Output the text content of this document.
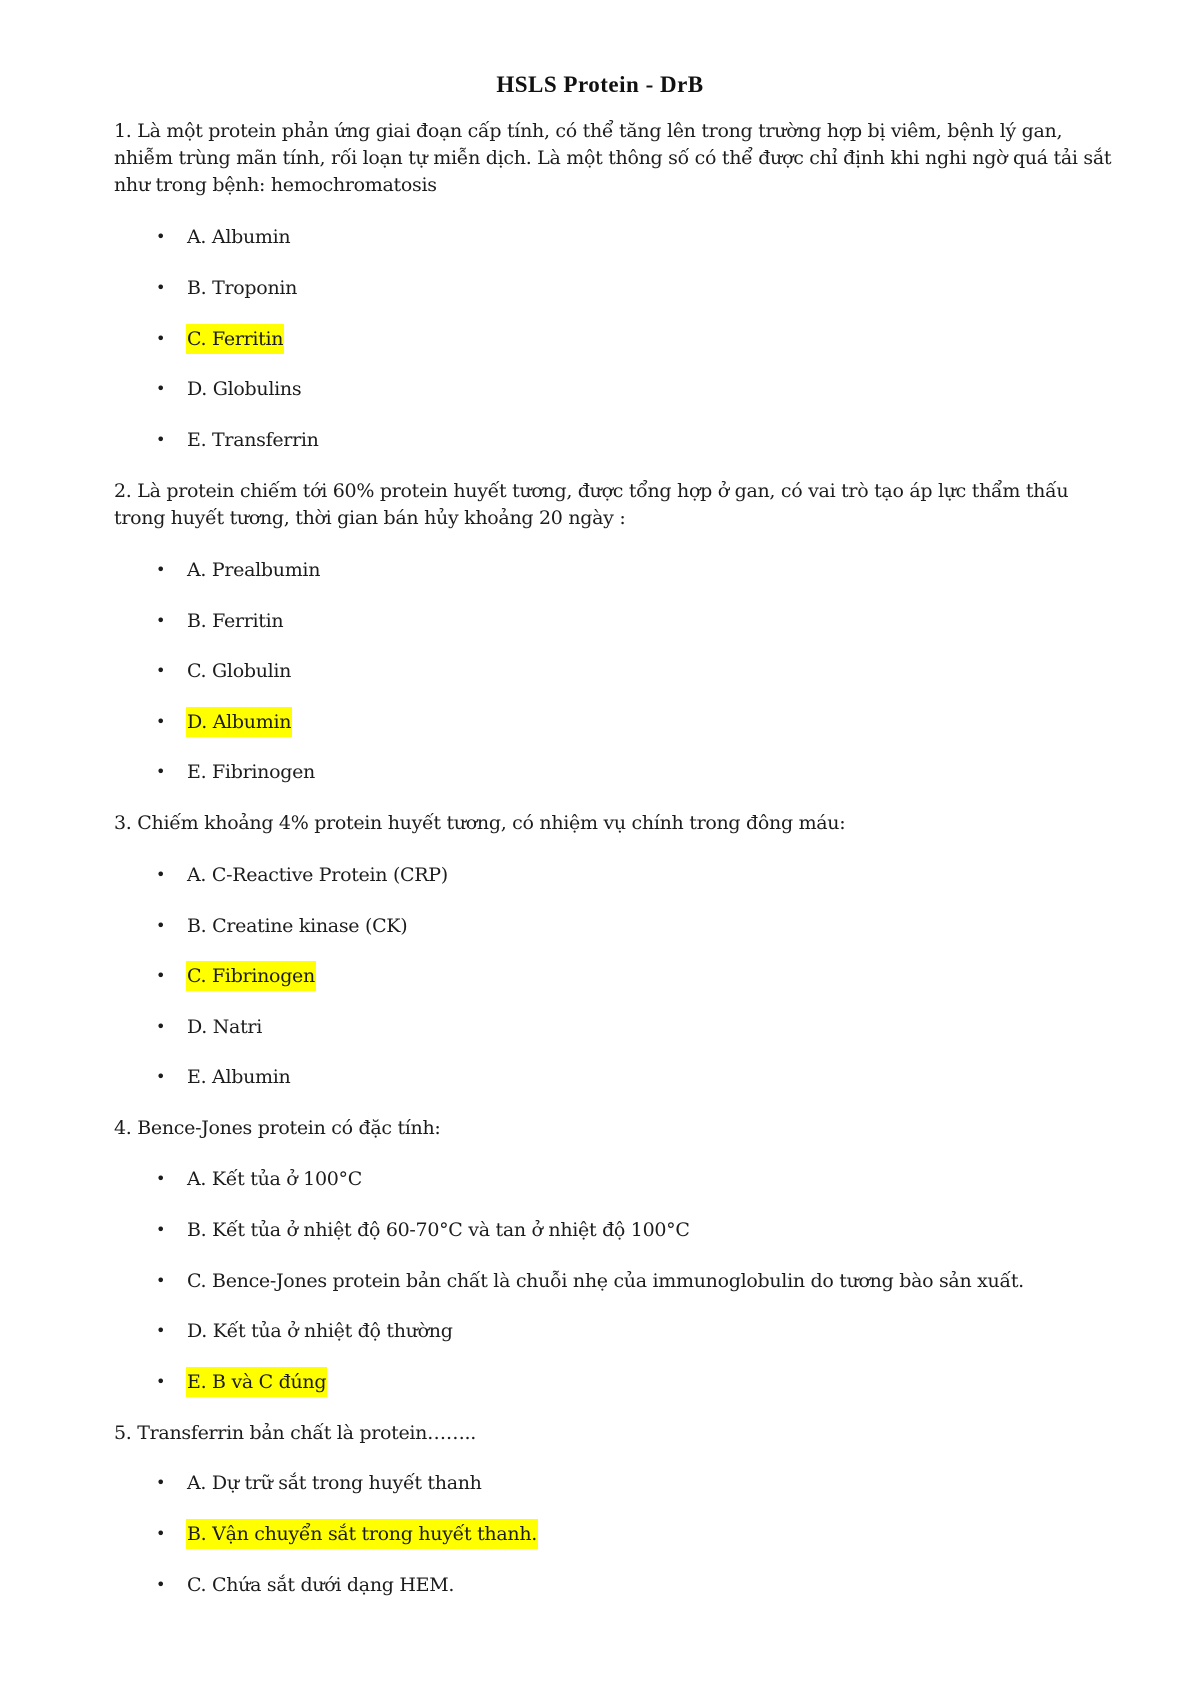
HSLS Protein - DrB
1. Là một protein phản ứng giai đoạn cấp tính, có thể tăng lên trong trường hợp bị viêm, bệnh lý gan, nhiễm trùng mãn tính, rối loạn tự miễn dịch. Là một thông số có thể được chỉ định khi nghi ngờ quá tải sắt như trong bệnh: hemochromatosis
• A. Albumin
• B. Troponin
• C. Ferritin
• D. Globulins
• E. Transferrin
2. Là protein chiếm tới 60% protein huyết tương, được tổng hợp ở gan, có vai trò tạo áp lực thẩm thấu trong huyết tương, thời gian bán hủy khoảng 20 ngày :
• A. Prealbumin
• B. Ferritin
• C. Globulin
• D. Albumin
• E. Fibrinogen
3. Chiếm khoảng 4% protein huyết tương, có nhiệm vụ chính trong đông máu:
• A. C-Reactive Protein (CRP)
• B. Creatine kinase (CK)
• C. Fibrinogen
• D. Natri
• E. Albumin
4. Bence-Jones protein có đặc tính:
• A. Kết tủa ở 100°C
• B. Kết tủa ở nhiệt độ 60-70°C và tan ở nhiệt độ 100°C
• C. Bence-Jones protein bản chất là chuỗi nhẹ của immunoglobulin do tương bào sản xuất.
• D. Kết tủa ở nhiệt độ thường
• E. B và C đúng
5. Transferrin bản chất là protein……..
• A. Dự trữ sắt trong huyết thanh
• B. Vận chuyển sắt trong huyết thanh.
• C. Chứa sắt dưới dạng HEM.
